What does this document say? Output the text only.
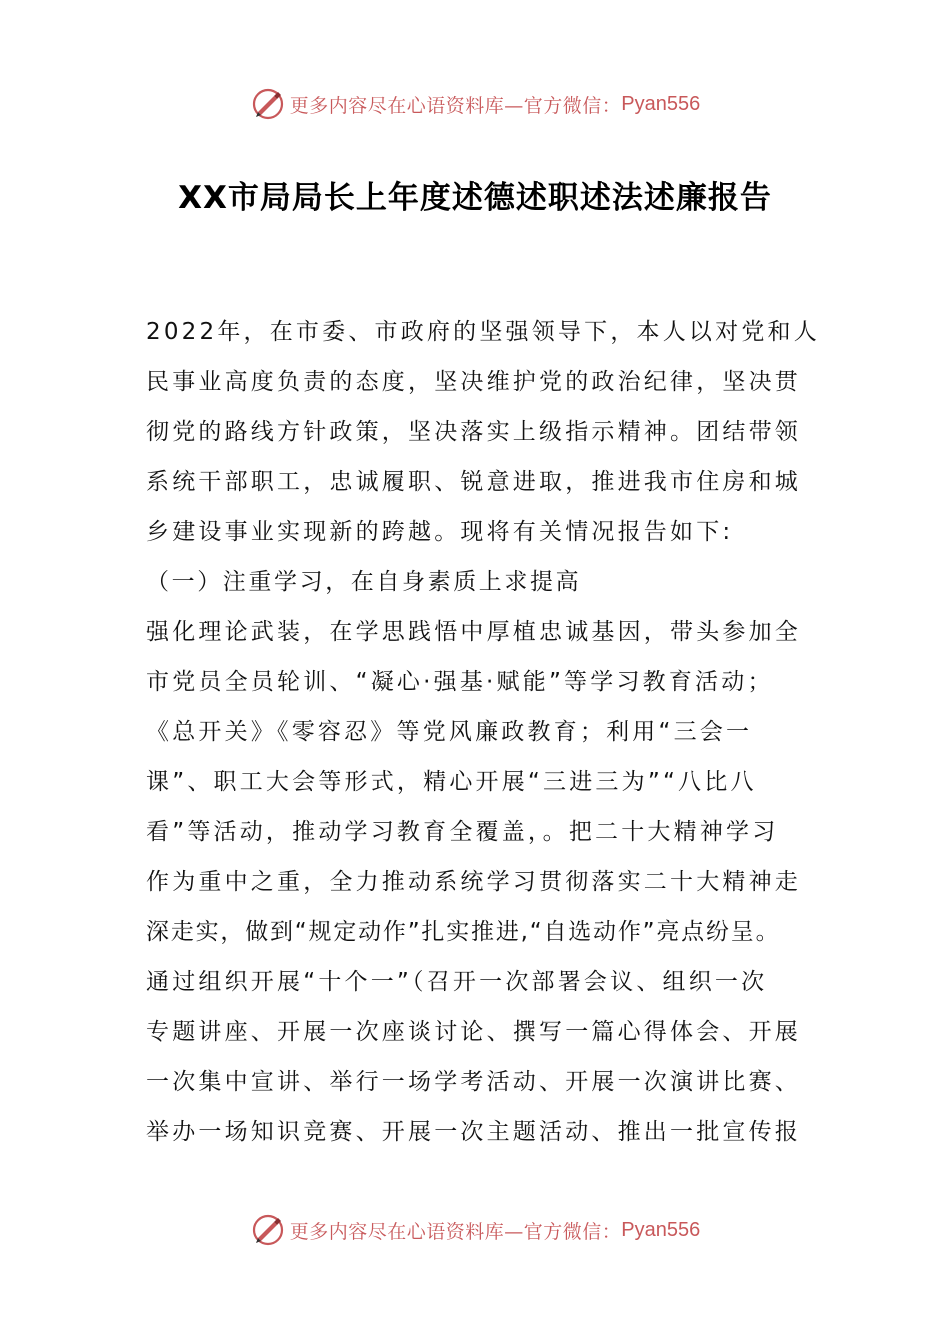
更多内容尽在心语资料库—官方微信： Pyan556
XX市局局长上年度述德述职述法述廉报告
2022年，在市委、市政府的坚强领导下，本人以对党和人
民事业高度负责的态度，坚决维护党的政治纪律，坚决贯
彻党的路线方针政策，坚决落实上级指示精神。团结带领
系统干部职工，忠诚履职、锐意进取，推进我市住房和城
乡建设事业实现新的跨越。现将有关情况报告如下:
（一）注重学习，在自身素质上求提高
强化理论武装，在学思践悟中厚植忠诚基因，带头参加全
市党员全员轮训、“凝心·强基·赋能”等学习教育活动；
《总开关》《零容忍》等党风廉政教育；利用“三会一
课”、职工大会等形式，精心开展“三进三为”“八比八
看”等活动，推动学习教育全覆盖，。把二十大精神学习
作为重中之重，全力推动系统学习贯彻落实二十大精神走
深走实，做到“规定动作”扎实推进,“自选动作”亮点纷呈。
通过组织开展“十个一”（召开一次部署会议、组织一次
专题讲座、开展一次座谈讨论、撰写一篇心得体会、开展
一次集中宣讲、举行一场学考活动、开展一次演讲比赛、
举办一场知识竞赛、开展一次主题活动、推出一批宣传报
更多内容尽在心语资料库—官方微信： Pyan556
